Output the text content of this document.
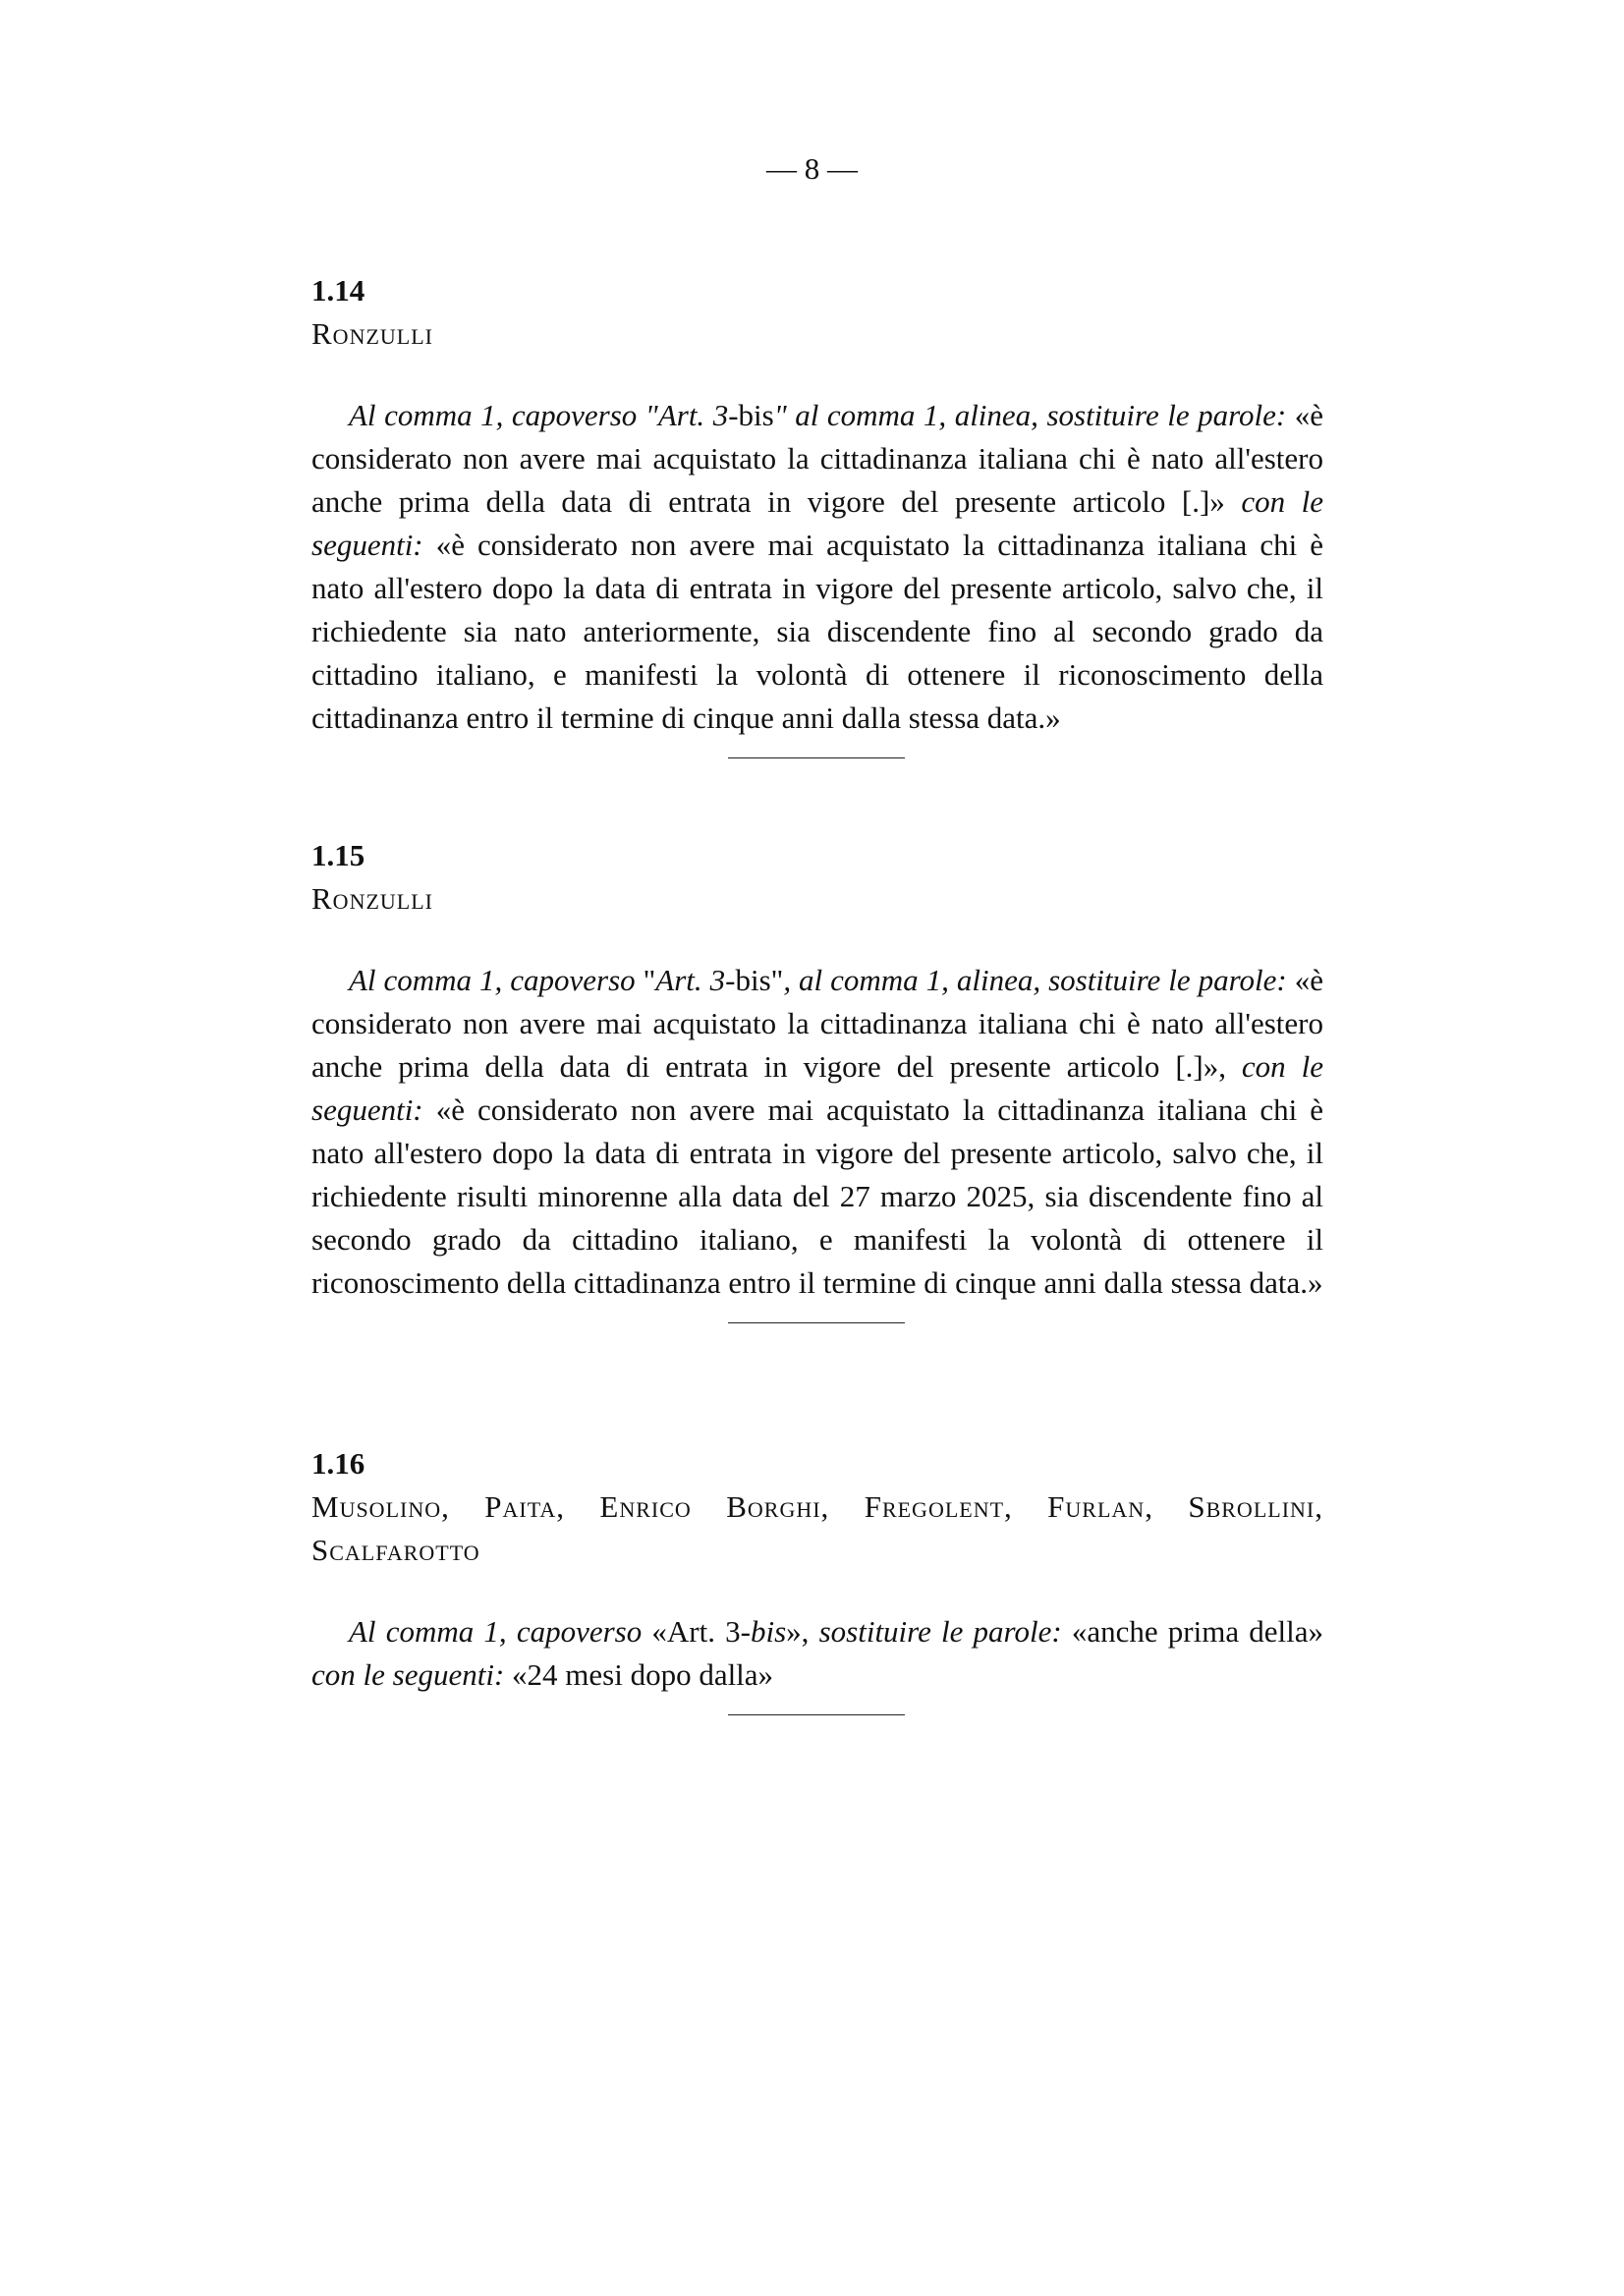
— 8 —
1.14
Ronzulli
Al comma 1, capoverso "Art. 3-bis" al comma 1, alinea, sostituire le parole: «è considerato non avere mai acquistato la cittadinanza italiana chi è nato all'estero anche prima della data di entrata in vigore del presente articolo [.]» con le seguenti: «è considerato non avere mai acquistato la cittadinanza italiana chi è nato all'estero dopo la data di entrata in vigore del presente articolo, salvo che, il richiedente sia nato anteriormente, sia discendente fino al secondo grado da cittadino italiano, e manifesti la volontà di ottenere il riconoscimento della cittadinanza entro il termine di cinque anni dalla stessa data.»
1.15
Ronzulli
Al comma 1, capoverso "Art. 3-bis", al comma 1, alinea, sostituire le parole: «è considerato non avere mai acquistato la cittadinanza italiana chi è nato all'estero anche prima della data di entrata in vigore del presente articolo [.]», con le seguenti: «è considerato non avere mai acquistato la cittadinanza italiana chi è nato all'estero dopo la data di entrata in vigore del presente articolo, salvo che, il richiedente risulti minorenne alla data del 27 marzo 2025, sia discendente fino al secondo grado da cittadino italiano, e manifesti la volontà di ottenere il riconoscimento della cittadinanza entro il termine di cinque anni dalla stessa data.»
1.16
Musolino, Paita, Enrico Borghi, Fregolent, Furlan, Sbrollini, Scalfarotto
Al comma 1, capoverso «Art. 3-bis», sostituire le parole: «anche prima della» con le seguenti: «24 mesi dopo dalla»
